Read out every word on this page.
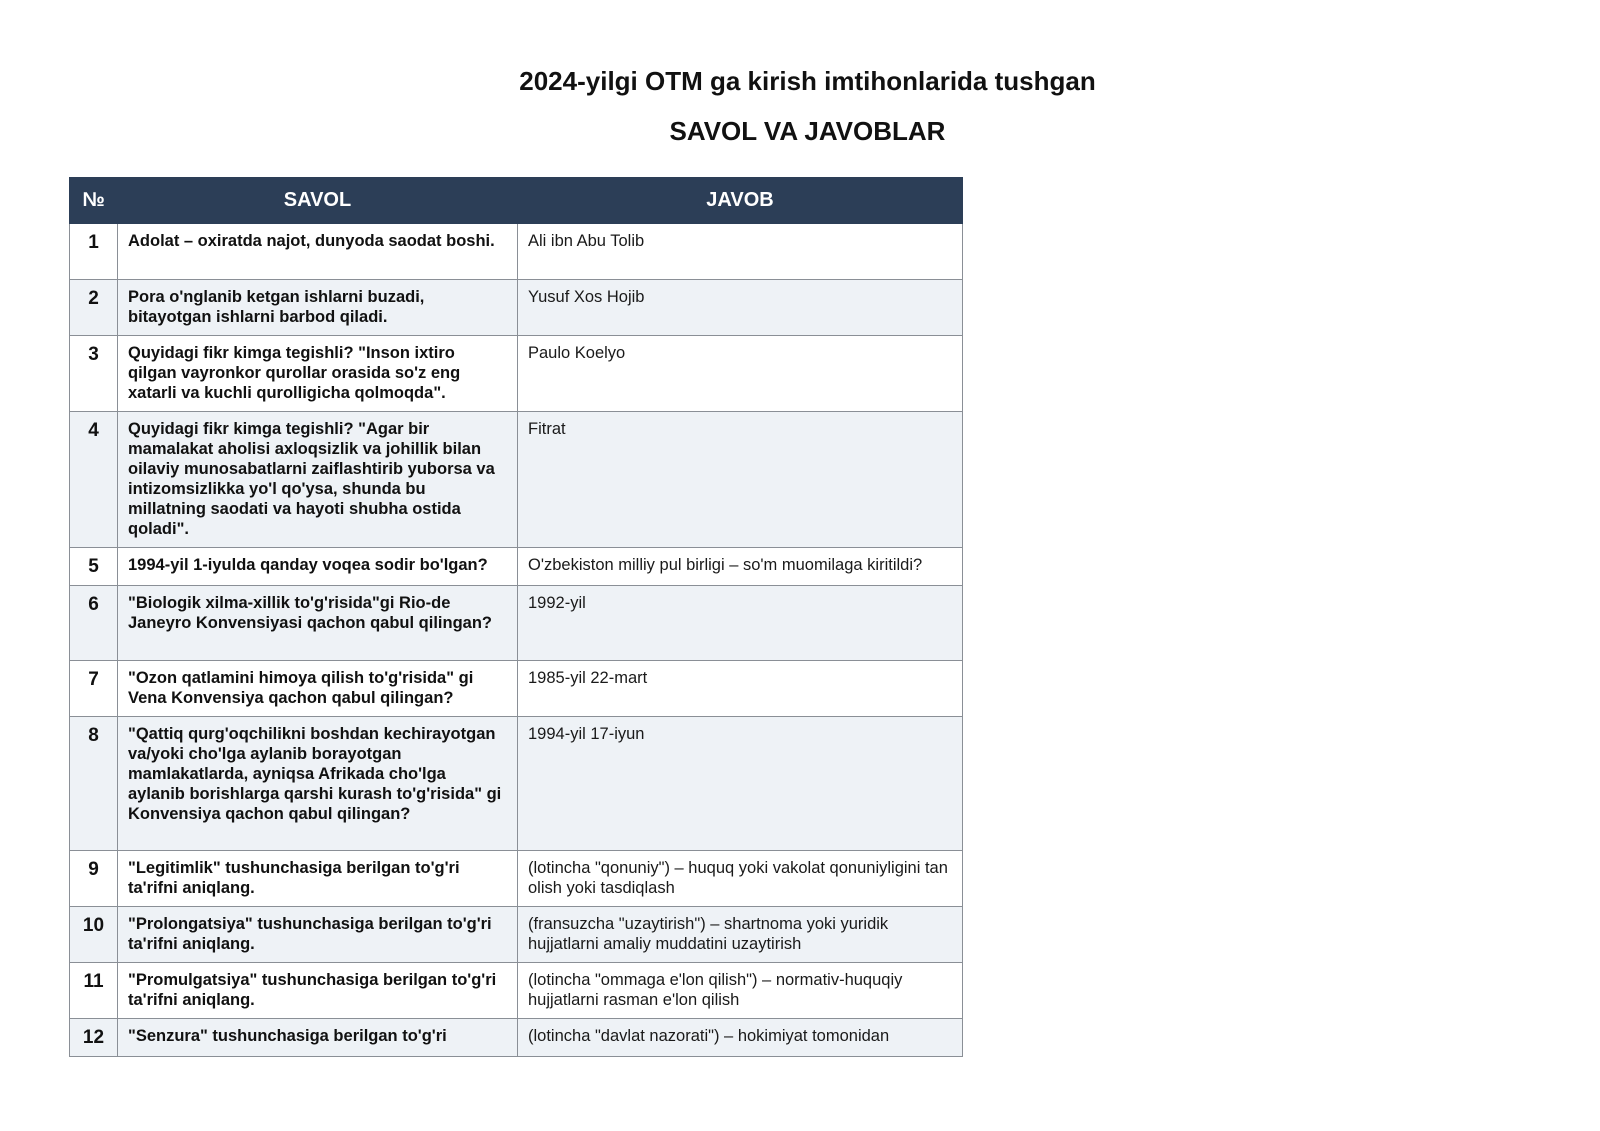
2024-yilgi OTM ga kirish imtihonlarida tushgan
SAVOL VA JAVOBLAR
№	SAVOL	JAVOB
1	Adolat – oxiratda najot, dunyoda saodat boshi.	Ali ibn Abu Tolib
2	Pora o'nglanib ketgan ishlarni buzadi, bitayotgan ishlarni barbod qiladi.	Yusuf Xos Hojib
3	Quyidagi fikr kimga tegishli? "Inson ixtiro qilgan vayronkor qurollar orasida so'z eng xatarli va kuchli qurolligicha qolmoqda".	Paulo Koelyo
4	Quyidagi fikr kimga tegishli? "Agar bir mamalakat aholisi axloqsizlik va johillik bilan oilaviy munosabatlarni zaiflashtirib yuborsa va intizomsizlikka yo'l qo'ysa, shunda bu millatning saodati va hayoti shubha ostida qoladi".	Fitrat
5	1994-yil 1-iyulda qanday voqea sodir bo'lgan?	O'zbekiston milliy pul birligi – so'm muomilaga kiritildi?
6	"Biologik xilma-xillik to'g'risida"gi Rio-de Janeyro Konvensiyasi qachon qabul qilingan?	1992-yil
7	"Ozon qatlamini himoya qilish to'g'risida" gi Vena Konvensiya qachon qabul qilingan?	1985-yil 22-mart
8	"Qattiq qurg'oqchilikni boshdan kechirayotgan va/yoki cho'lga aylanib borayotgan mamlakatlarda, ayniqsa Afrikada cho'lga aylanib borishlarga qarshi kurash to'g'risida" gi Konvensiya qachon qabul qilingan?	1994-yil 17-iyun
9	"Legitimlik" tushunchasiga berilgan to'g'ri ta'rifni aniqlang.	(lotincha "qonuniy") – huquq yoki vakolat qonuniyligini tan olish yoki tasdiqlash
10	"Prolongatsiya" tushunchasiga berilgan to'g'ri ta'rifni aniqlang.	(fransuzcha "uzaytirish") – shartnoma yoki yuridik hujjatlarni amaliy muddatini uzaytirish
11	"Promulgatsiya" tushunchasiga berilgan to'g'ri ta'rifni aniqlang.	(lotincha "ommaga e'lon qilish") – normativ-huquqiy hujjatlarni rasman e'lon qilish
12	"Senzura" tushunchasiga berilgan to'g'ri	(lotincha "davlat nazorati") – hokimiyat tomonidan
